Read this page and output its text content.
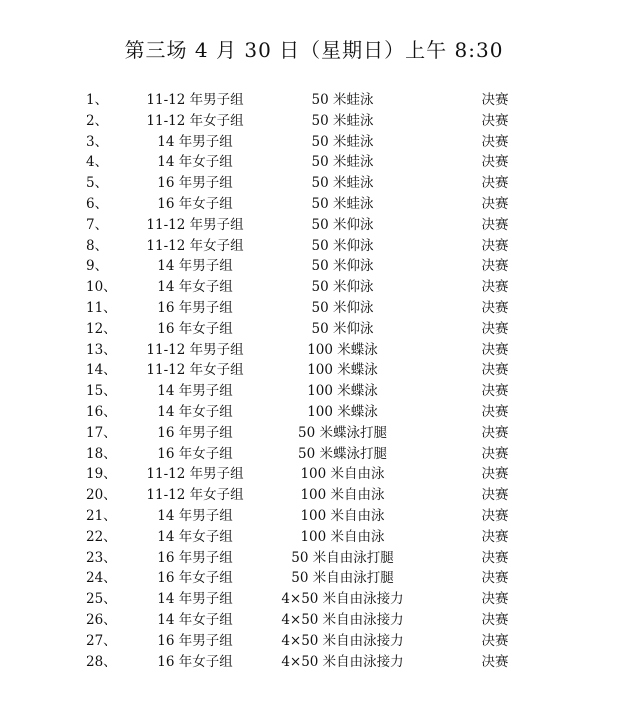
第三场 4 月 30 日（星期日）上午 8:30
1、	11-12 年男子组	50 米蛙泳	决赛
2、	11-12 年女子组	50 米蛙泳	决赛
3、	14 年男子组	50 米蛙泳	决赛
4、	14 年女子组	50 米蛙泳	决赛
5、	16 年男子组	50 米蛙泳	决赛
6、	16 年女子组	50 米蛙泳	决赛
7、	11-12 年男子组	50 米仰泳	决赛
8、	11-12 年女子组	50 米仰泳	决赛
9、	14 年男子组	50 米仰泳	决赛
10、	14 年女子组	50 米仰泳	决赛
11、	16 年男子组	50 米仰泳	决赛
12、	16 年女子组	50 米仰泳	决赛
13、	11-12 年男子组	100 米蝶泳	决赛
14、	11-12 年女子组	100 米蝶泳	决赛
15、	14 年男子组	100 米蝶泳	决赛
16、	14 年女子组	100 米蝶泳	决赛
17、	16 年男子组	50 米蝶泳打腿	决赛
18、	16 年女子组	50 米蝶泳打腿	决赛
19、	11-12 年男子组	100 米自由泳	决赛
20、	11-12 年女子组	100 米自由泳	决赛
21、	14 年男子组	100 米自由泳	决赛
22、	14 年女子组	100 米自由泳	决赛
23、	16 年男子组	50 米自由泳打腿	决赛
24、	16 年女子组	50 米自由泳打腿	决赛
25、	14 年男子组	4×50 米自由泳接力	决赛
26、	14 年女子组	4×50 米自由泳接力	决赛
27、	16 年男子组	4×50 米自由泳接力	决赛
28、	16 年女子组	4×50 米自由泳接力	决赛
